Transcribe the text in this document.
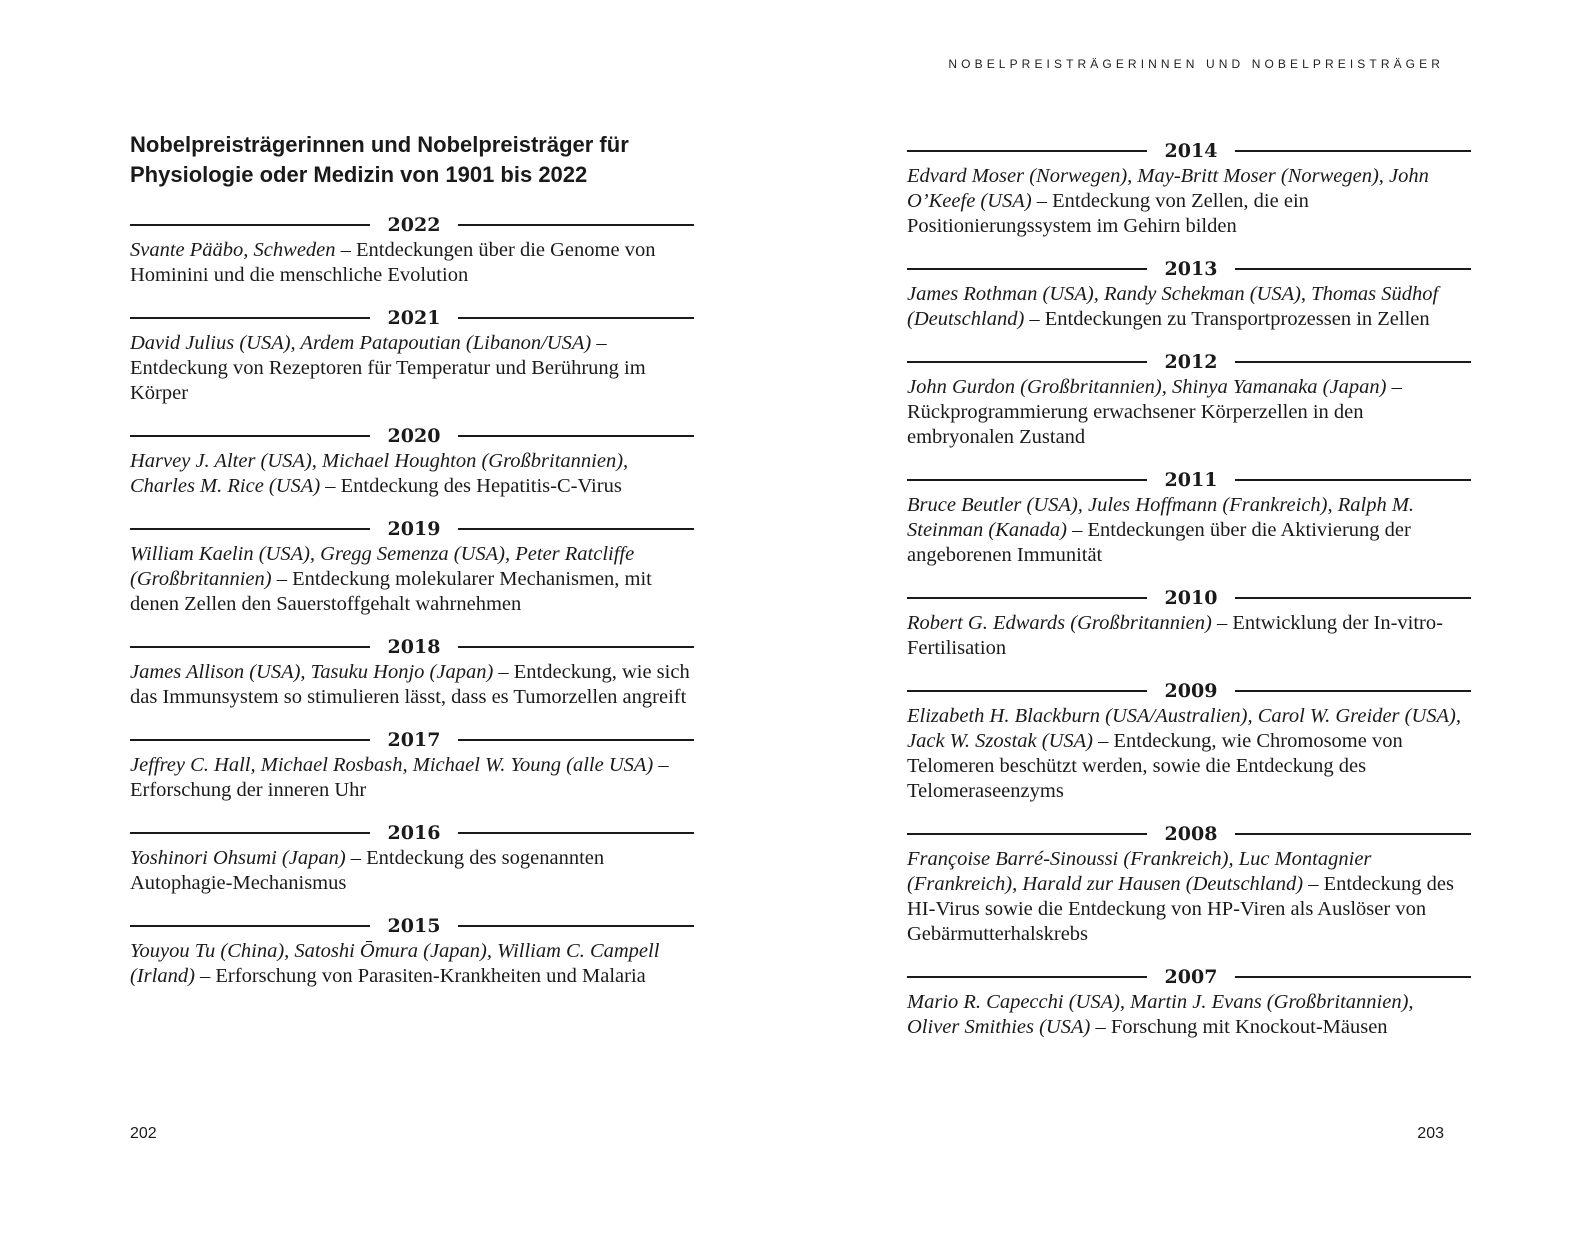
Nobelpreisträgerinnen und Nobelpreisträger für
Physiologie oder Medizin von 1901 bis 2022
2022

Svante Pääbo, Schweden – Entdeckungen über die Genome von Hominini und die menschliche Evolution

2021

David Julius (USA), Ardem Patapoutian (Libanon/USA) – Entdeckung von Rezeptoren für Temperatur und Berührung im Körper

2020

Harvey J. Alter (USA), Michael Houghton (Großbritannien), Charles M. Rice (USA) – Entdeckung des Hepatitis-C-Virus

2019

William Kaelin (USA), Gregg Semenza (USA), Peter Ratcliffe (Großbritannien) – Entdeckung molekularer Mechanismen, mit denen Zellen den Sauerstoffgehalt wahrnehmen

2018

James Allison (USA), Tasuku Honjo (Japan) – Entdeckung, wie sich das Immunsystem so stimulieren lässt, dass es Tumorzellen angreift

2017

Jeffrey C. Hall, Michael Rosbash, Michael W. Young (alle USA) – Erforschung der inneren Uhr

2016

Yoshinori Ohsumi (Japan) – Entdeckung des sogenannten Autophagie-Mechanismus

2015

Youyou Tu (China), Satoshi Ōmura (Japan), William C. Campell (Irland) – Erforschung von Parasiten-Krankheiten und Malaria

202
NOBELPREISTRÄGERINNEN UND NOBELPREISTRÄGER
2014

Edvard Moser (Norwegen), May-Britt Moser (Norwegen), John O’Keefe (USA) – Entdeckung von Zellen, die ein Positionierungssystem im Gehirn bilden

2013

James Rothman (USA), Randy Schekman (USA), Thomas Südhof (Deutschland) – Entdeckungen zu Transportprozessen in Zellen

2012

John Gurdon (Großbritannien), Shinya Yamanaka (Japan) – Rückprogrammierung erwachsener Körperzellen in den embryonalen Zustand

2011

Bruce Beutler (USA), Jules Hoffmann (Frankreich), Ralph M. Steinman (Kanada) – Entdeckungen über die Aktivierung der angeborenen Immunität

2010

Robert G. Edwards (Großbritannien) – Entwicklung der In-vitro-Fertilisation

2009

Elizabeth H. Blackburn (USA/Australien), Carol W. Greider (USA), Jack W. Szostak (USA) – Entdeckung, wie Chromosome von Telomeren beschützt werden, sowie die Entdeckung des Telomeraseenzyms

2008

Françoise Barré-Sinoussi (Frankreich), Luc Montagnier (Frankreich), Harald zur Hausen (Deutschland) – Entdeckung des HI-Virus sowie die Entdeckung von HP-Viren als Auslöser von Gebärmutterhalskrebs

2007

Mario R. Capecchi (USA), Martin J. Evans (Großbritannien), Oliver Smithies (USA) – Forschung mit Knockout-Mäusen

203
